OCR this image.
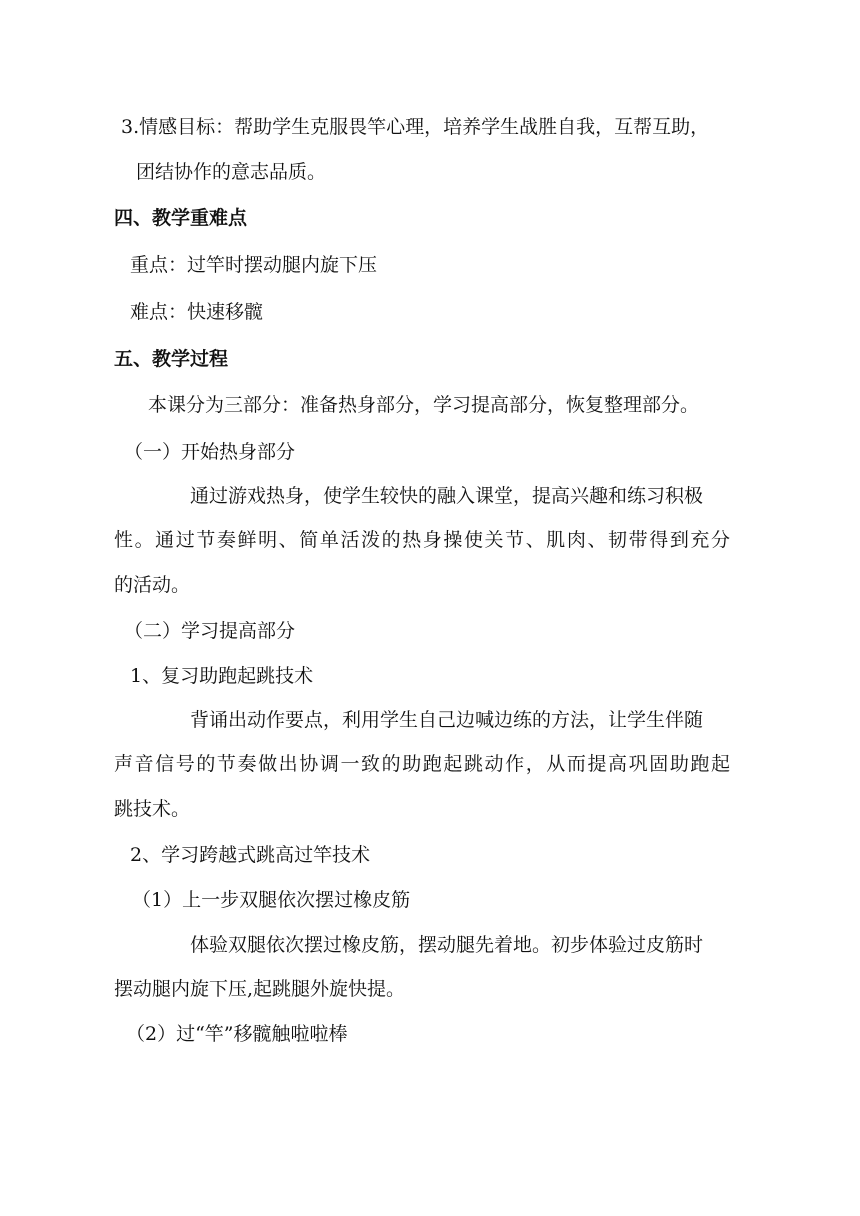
3.情感目标：帮助学生克服畏竿心理，培养学生战胜自我，互帮互助，
团结协作的意志品质。
四、教学重难点
重点：过竿时摆动腿内旋下压
难点：快速移髋
五、教学过程
本课分为三部分：准备热身部分，学习提高部分，恢复整理部分。
（一）开始热身部分
通过游戏热身，使学生较快的融入课堂，提高兴趣和练习积极
性。通过节奏鲜明、简单活泼的热身操使关节、肌肉、韧带得到充分
的活动。
（二）学习提高部分
1、复习助跑起跳技术
背诵出动作要点，利用学生自己边喊边练的方法，让学生伴随
声音信号的节奏做出协调一致的助跑起跳动作，从而提高巩固助跑起
跳技术。
2、学习跨越式跳高过竿技术
（1）上一步双腿依次摆过橡皮筋
体验双腿依次摆过橡皮筋，摆动腿先着地。初步体验过皮筋时
摆动腿内旋下压,起跳腿外旋快提。
（2）过“竿”移髋触啦啦棒
